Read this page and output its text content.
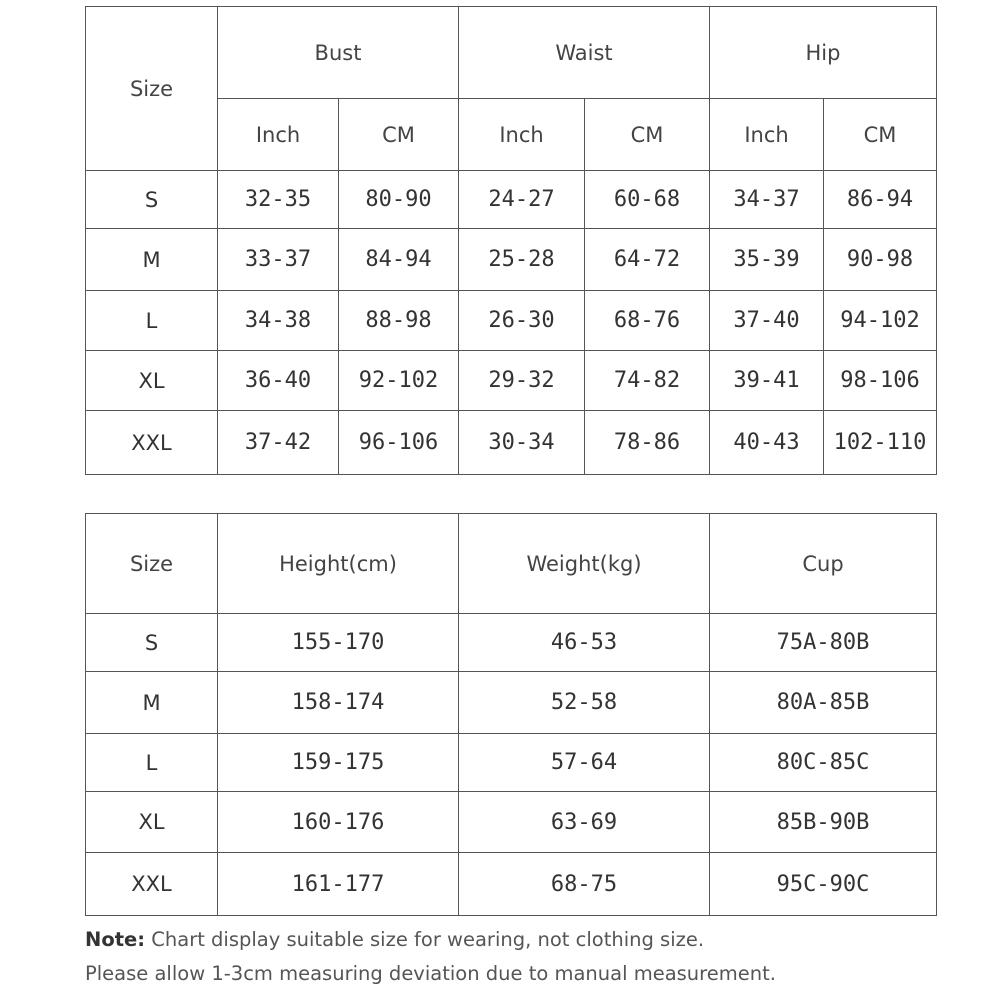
Size	Bust		Waist		Hip	
	Inch	CM	Inch	CM	Inch	CM
S	32-35	80-90	24-27	60-68	34-37	86-94
M	33-37	84-94	25-28	64-72	35-39	90-98
L	34-38	88-98	26-30	68-76	37-40	94-102
XL	36-40	92-102	29-32	74-82	39-41	98-106
XXL	37-42	96-106	30-34	78-86	40-43	102-110
Size	Height(cm)	Weight(kg)	Cup
S	155-170	46-53	75A-80B
M	158-174	52-58	80A-85B
L	159-175	57-64	80C-85C
XL	160-176	63-69	85B-90B
XXL	161-177	68-75	95C-90C
Note: Chart display suitable size for wearing, not clothing size.
Please allow 1-3cm measuring deviation due to manual measurement.
